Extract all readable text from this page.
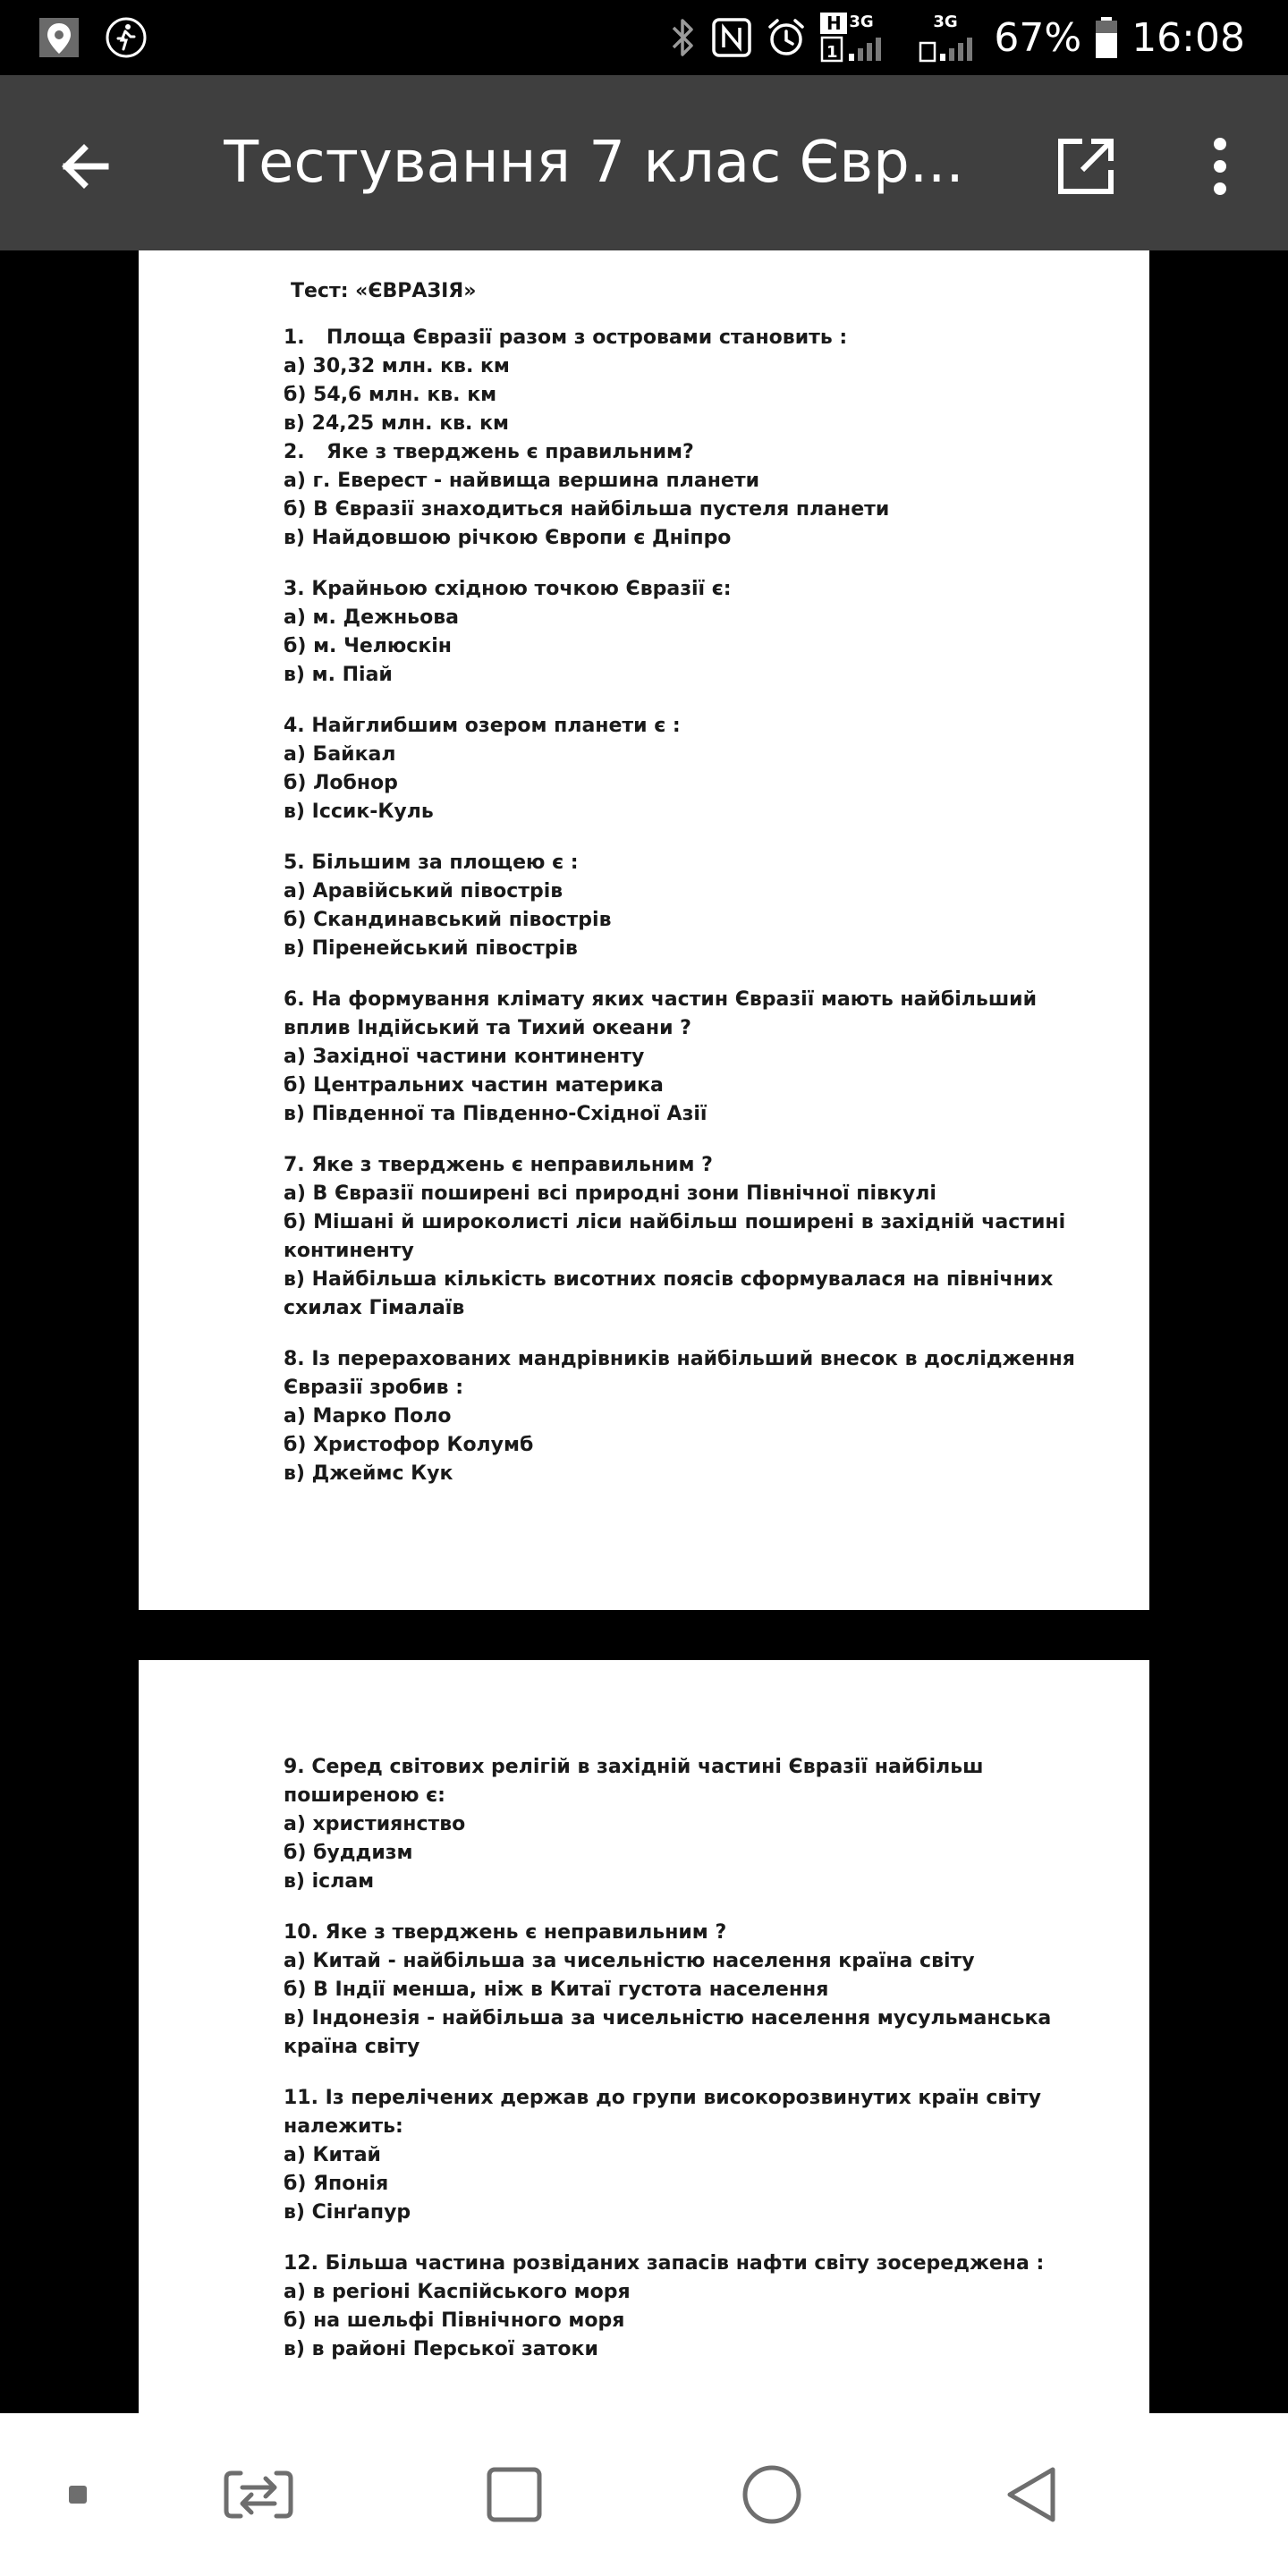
H 3G
1
3G 67% 16:08
Тестування 7 клас Євр...

Тест: «ЄВРАЗІЯ»

1. Площа Євразії разом з островами становить :

а) 30,32 млн. кв. км

б) 54,6 млн. кв. км

в) 24,25 млн. кв. км

2. Яке з тверджень є правильним?

а) г. Еверест - найвища вершина планети

б) В Євразії знаходиться найбільша пустеля планети

в) Найдовшою річкою Європи є Дніпро

3. Крайньою східною точкою Євразії є:

а) м. Дежньова

б) м. Челюскін

в) м. Піай

4. Найглибшим озером планети є :

а) Байкал

б) Лобнор

в) Іссик-Куль

5. Більшим за площею є :

а) Аравійський півострів

б) Скандинавський півострів

в) Піренейський півострів

6. На формування клімату яких частин Євразії мають найбільший вплив Індійський та Тихий океани ?

а) Західної частини континенту

б) Центральних частин материка

в) Південної та Південно-Східної Азії

7. Яке з тверджень є неправильним ?

а) В Євразії поширені всі природні зони Північної півкулі

б) Мішані й широколисті ліси найбільш поширені в західній частині континенту

в) Найбільша кількість висотних поясів сформувалася на північних схилах Гімалаїв

8. Із перерахованих мандрівників найбільший внесок в дослідження Євразії зробив :

а) Марко Поло

б) Христофор Колумб

в) Джеймс Кук

9. Серед світових релігій в західній частині Євразії найбільш поширеною є:

а) християнство

б) буддизм

в) іслам

10. Яке з тверджень є неправильним ?

а) Китай - найбільша за чисельністю населення країна світу

б) В Індії менша, ніж в Китаї густота населення

в) Індонезія - найбільша за чисельністю населення мусульманська країна світу

11. Із перелічених держав до групи високорозвинутих країн світу належить:

а) Китай

б) Японія

в) Сінґапур

12. Більша частина розвіданих запасів нафти світу зосереджена :

а) в регіоні Каспійського моря

б) на шельфі Північного моря

в) в районі Перської затоки
